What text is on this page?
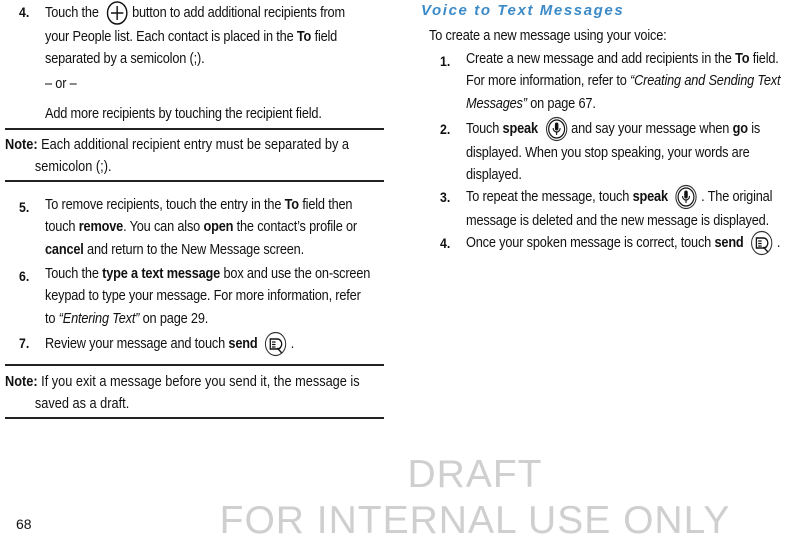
4. Touch the button to add additional recipients from
your People list. Each contact is placed in the To field
separated by a semicolon (;).
– or –
Add more recipients by touching the recipient field.
Note: Each additional recipient entry must be separated by a
semicolon (;).
5. To remove recipients, touch the entry in the To field then
touch remove. You can also open the contact’s profile or
cancel and return to the New Message screen.
6. Touch the type a text message box and use the on-screen
keypad to type your message. For more information, refer
to “Entering Text” on page 29.
7. Review your message and touch send .
Note: If you exit a message before you send it, the message is
saved as a draft.
Voice to Text Messages
To create a new message using your voice:
1. Create a new message and add recipients in the To field.
For more information, refer to “Creating and Sending Text
Messages” on page 67.
2. Touch speak and say your message when go is
displayed. When you stop speaking, your words are
displayed.
3. To repeat the message, touch speak . The original
message is deleted and the new message is displayed.
4. Once your spoken message is correct, touch send .
DRAFT
FOR INTERNAL USE ONLY
68
